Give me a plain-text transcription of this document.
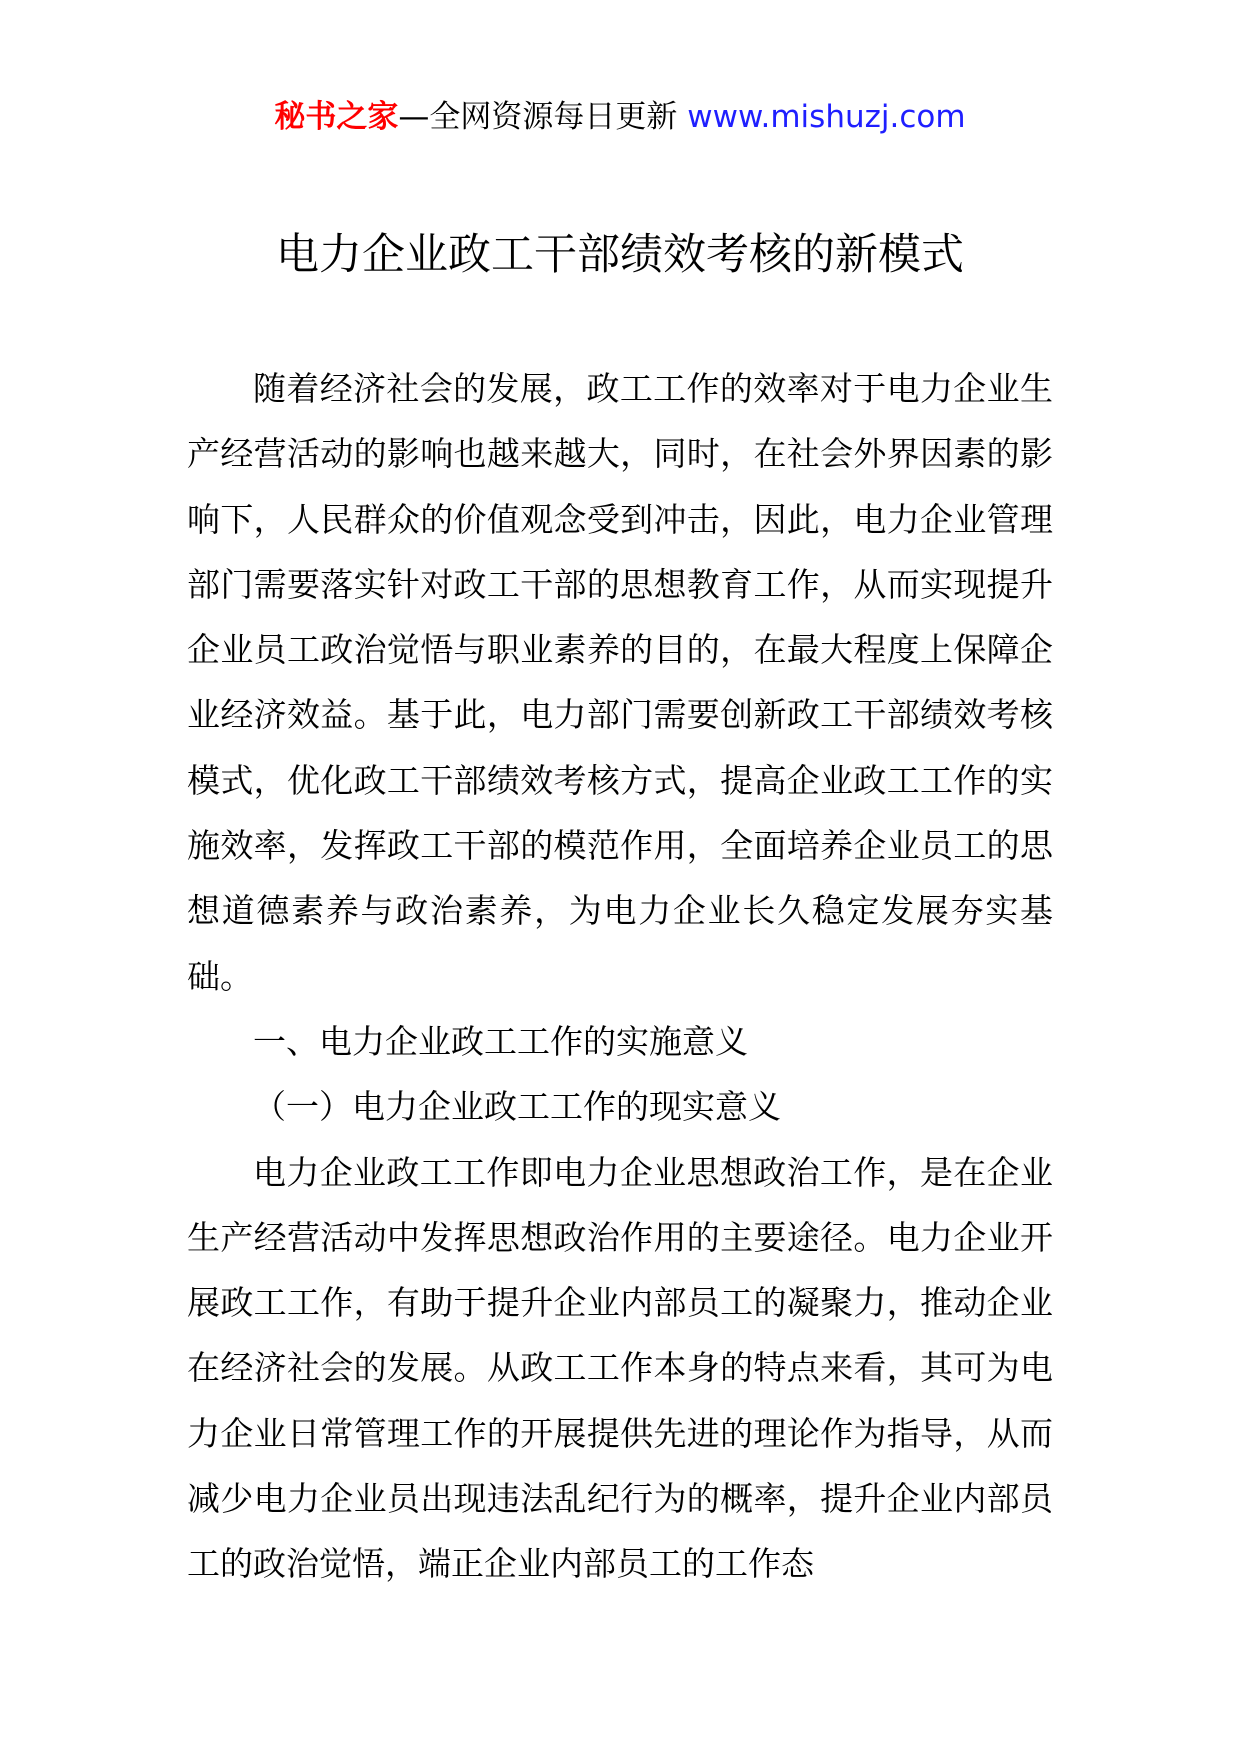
秘书之家—全网资源每日更新 www.mishuzj.com
电力企业政工干部绩效考核的新模式

随着经济社会的发展，政工工作的效率对于电力企业生产经营活动的影响也越来越大，同时，在社会外界因素的影响下，人民群众的价值观念受到冲击，因此，电力企业管理部门需要落实针对政工干部的思想教育工作，从而实现提升企业员工政治觉悟与职业素养的目的，在最大程度上保障企业经济效益。基于此，电力部门需要创新政工干部绩效考核模式，优化政工干部绩效考核方式，提高企业政工工作的实施效率，发挥政工干部的模范作用，全面培养企业员工的思想道德素养与政治素养，为电力企业长久稳定发展夯实基础。

一、电力企业政工工作的实施意义

（一）电力企业政工工作的现实意义

电力企业政工工作即电力企业思想政治工作，是在企业生产经营活动中发挥思想政治作用的主要途径。电力企业开展政工工作，有助于提升企业内部员工的凝聚力，推动企业在经济社会的发展。从政工工作本身的特点来看，其可为电力企业日常管理工作的开展提供先进的理论作为指导，从而减少电力企业员出现违法乱纪行为的概率，提升企业内部员工的政治觉悟，端正企业内部员工的工作态
